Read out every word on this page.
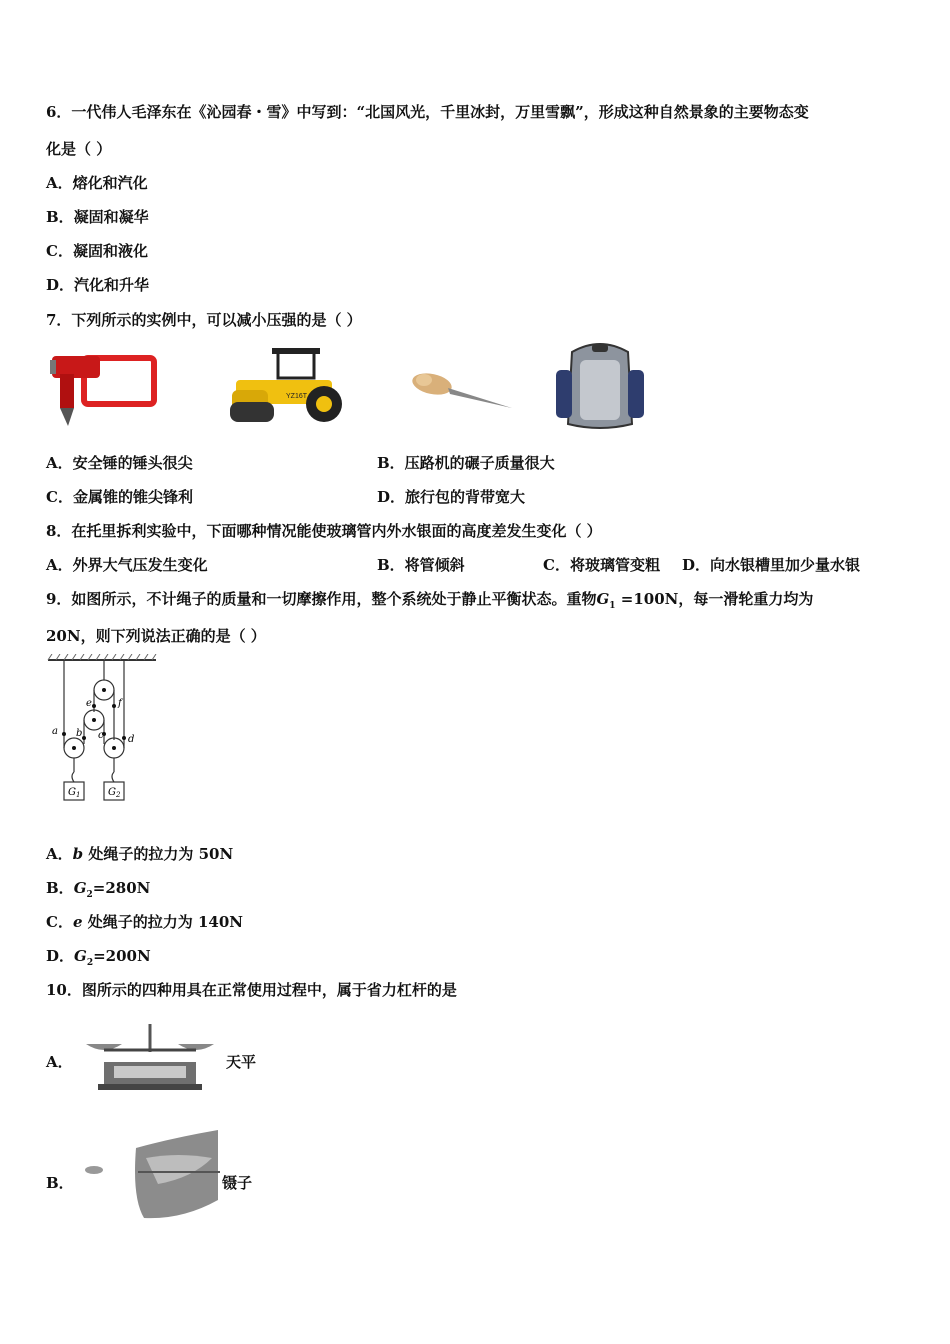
6．一代伟人毛泽东在《沁园春・雪》中写到：“北国风光，千里冰封，万里雪飘”，形成这种自然景象的主要物态变
化是（ ）
A．熔化和汽化
B．凝固和凝华
C．凝固和液化
D．汽化和升华
7．下列所示的实例中，可以减小压强的是（ ）
YZ16T
A．安全锤的锤头很尖	B．压路机的碾子质量很大
C．金属锥的锥尖锋利	D．旅行包的背带宽大
8．在托里拆利实验中，下面哪种情况能使玻璃管内外水银面的高度差发生变化（ ）
A．外界大气压发生变化	B．将管倾斜	C．将玻璃管变粗 D．向水银槽里加少量水银
9．如图所示，不计绳子的质量和一切摩擦作用，整个系统处于静止平衡状态。重物$G_1 =100N$，每一滑轮重力均为
20N，则下列说法正确的是（ ）
a b c d
e	f
$G_1$	$G_2$
A．b 处绳子的拉力为 50N
B．$G_2=280N$
C．e 处绳子的拉力为 140N
D．$G_2=200N$
10．图所示的四种用具在正常使用过程中，属于省力杠杆的是
A．	天平
B．	镊子
